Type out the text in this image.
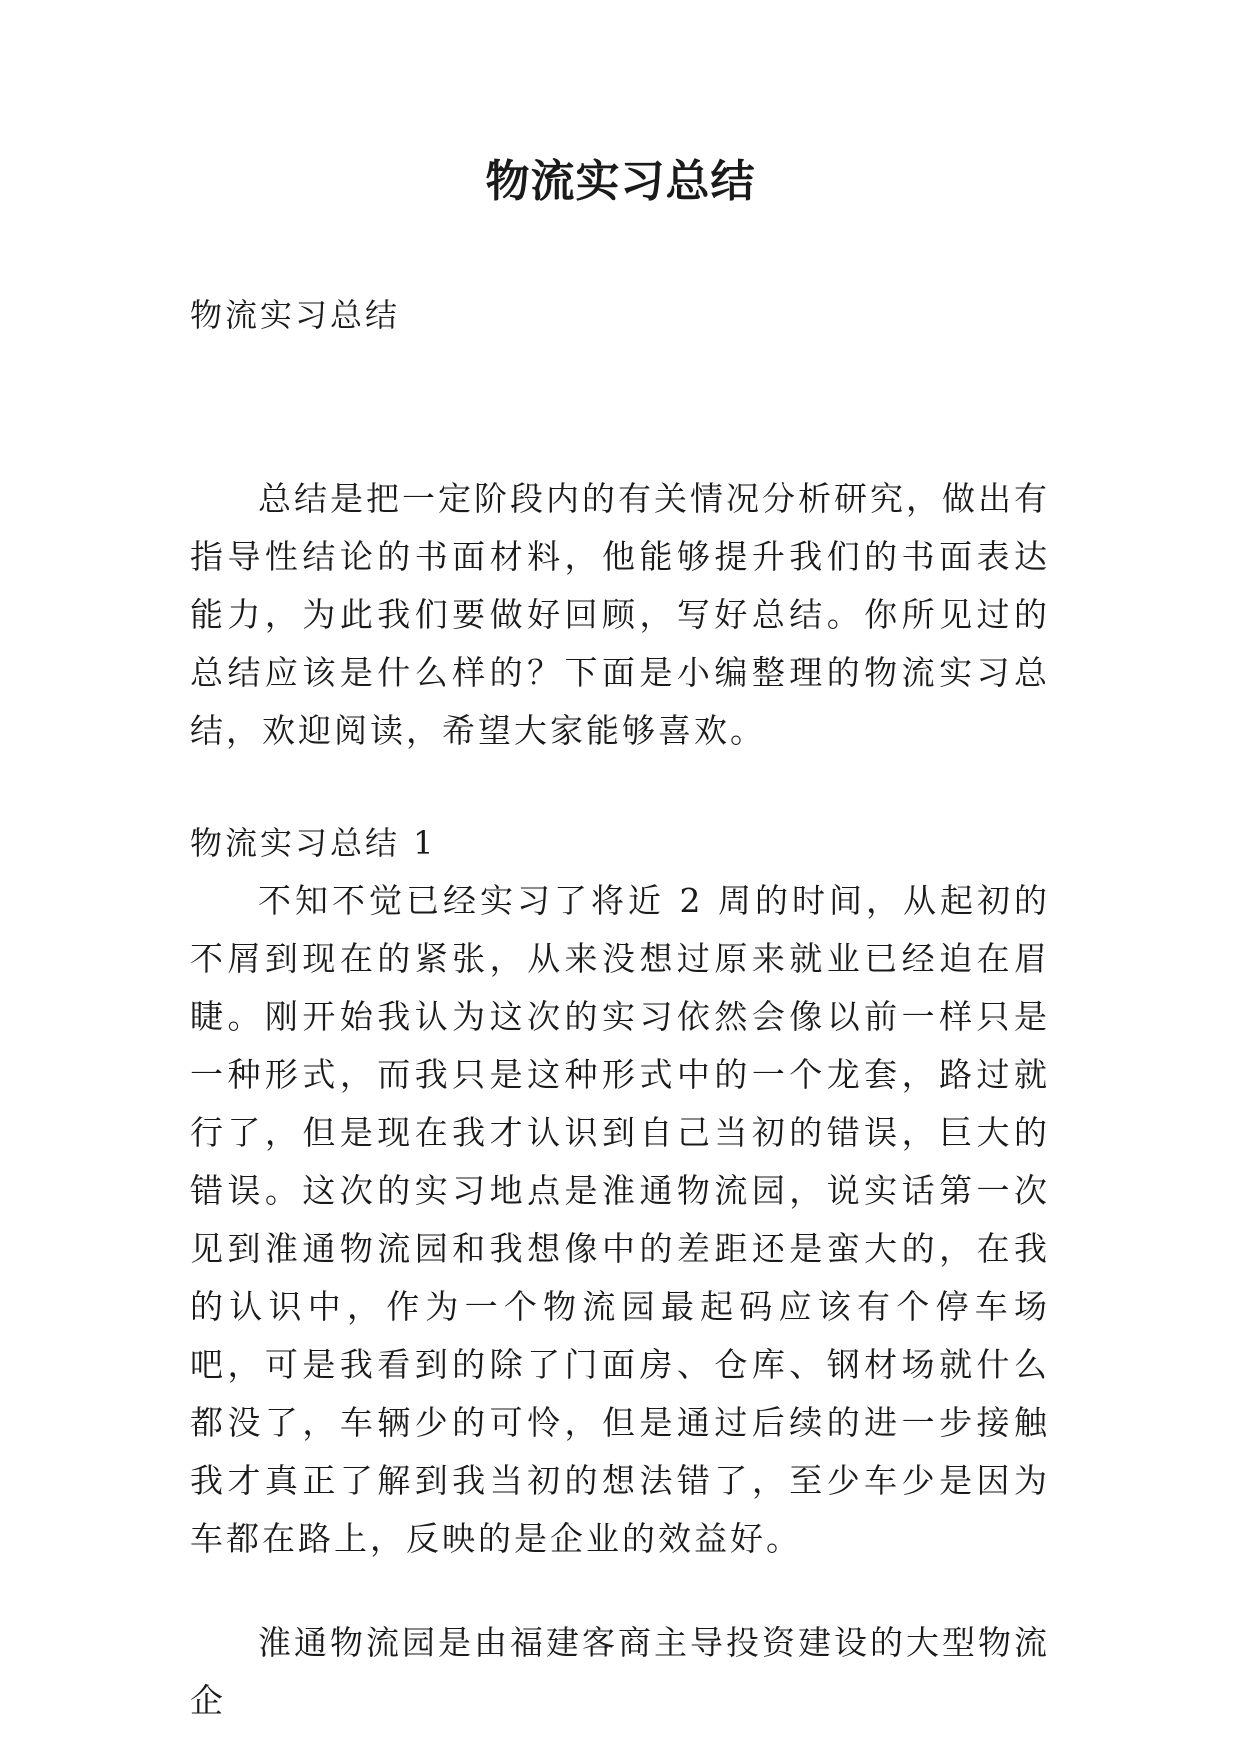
物流实习总结

物流实习总结

总结是把一定阶段内的有关情况分析研究，做出有指导性结论的书面材料，他能够提升我们的书面表达能力，为此我们要做好回顾，写好总结。你所见过的总结应该是什么样的？下面是小编整理的物流实习总结，欢迎阅读，希望大家能够喜欢。

物流实习总结 1

不知不觉已经实习了将近 2 周的时间，从起初的不屑到现在的紧张，从来没想过原来就业已经迫在眉睫。刚开始我认为这次的实习依然会像以前一样只是一种形式，而我只是这种形式中的一个龙套，路过就行了，但是现在我才认识到自己当初的错误，巨大的错误。这次的实习地点是淮通物流园，说实话第一次见到淮通物流园和我想像中的差距还是蛮大的，在我的认识中，作为一个物流园最起码应该有个停车场吧，可是我看到的除了门面房、仓库、钢材场就什么都没了，车辆少的可怜，但是通过后续的进一步接触我才真正了解到我当初的想法错了，至少车少是因为车都在路上，反映的是企业的效益好。

淮通物流园是由福建客商主导投资建设的大型物流企
